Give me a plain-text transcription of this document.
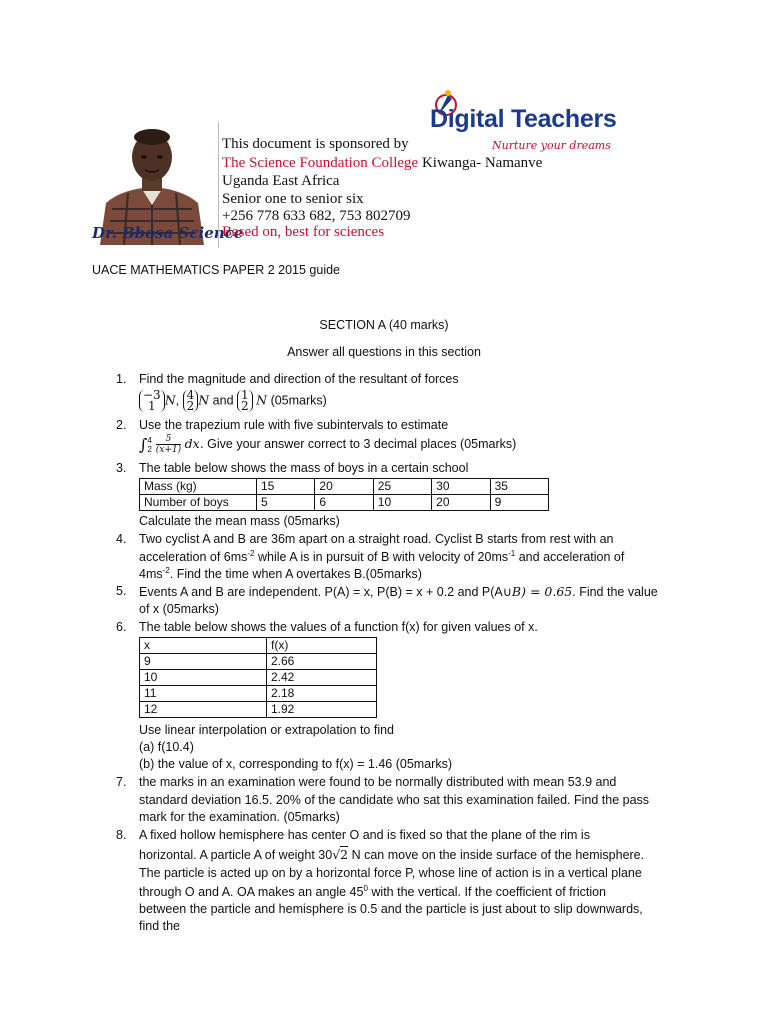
Digital Teachers
Nurture your dreams
Dr. Bbosa Science
This document is sponsored by
The Science Foundation College Kiwanga- Namanve
Uganda East Africa
Senior one to senior six
+256 778 633 682, 753 802709
Based on, best for sciences
UACE MATHEMATICS PAPER 2 2015 guide
SECTION A (40 marks)
Answer all questions in this section
1. Find the magnitude and direction of the resultant of forces
−3
1 N, 4
2 N and 1
2 N (05marks)
2. Use the trapezium rule with five subintervals to estimate
∫4
$2 \frac{5}{(x+1)}$ dx. Give your answer correct to 3 decimal places (05marks)
3. The table below shows the mass of boys in a certain school
Mass (kg)	15	20	25	30	35
Number of boys	5	6	10	20	9
Calculate the mean mass (05marks)
4. Two cyclist A and B are 36m apart on a straight road. Cyclist B starts from rest with an
acceleration of $6ms^{-2}$ while A is in pursuit of B with velocity of $20ms^{-1}$ and acceleration of
$4ms^{-2}$. Find the time when A overtakes B.(05marks)
5. Events A and B are independent. P(A) = x, P(B) = x + 0.2 and P(A∪B) = 0.65. Find the value
of x (05marks)
6. The table below shows the values of a function f(x) for given values of x.
x	f(x)
9	2.66
10	2.42
11	2.18
12	1.92
Use linear interpolation or extrapolation to find
(a) f(10.4)
(b) the value of x, corresponding to f(x) = 1.46 (05marks)
7. the marks in an examination were found to be normally distributed with mean 53.9 and
standard deviation 16.5. 20% of the candidate who sat this examination failed. Find the pass
mark for the examination. (05marks)
8. A fixed hollow hemisphere has center O and is fixed so that the plane of the rim is
horizontal. A particle A of weight 30√2 N can move on the inside surface of the hemisphere.
The particle is acted up on by a horizontal force P, whose line of action is in a vertical plane
through O and A. OA makes an angle $45^0$ with the vertical. If the coefficient of friction
between the particle and hemisphere is 0.5 and the particle is just about to slip downwards,
find the
